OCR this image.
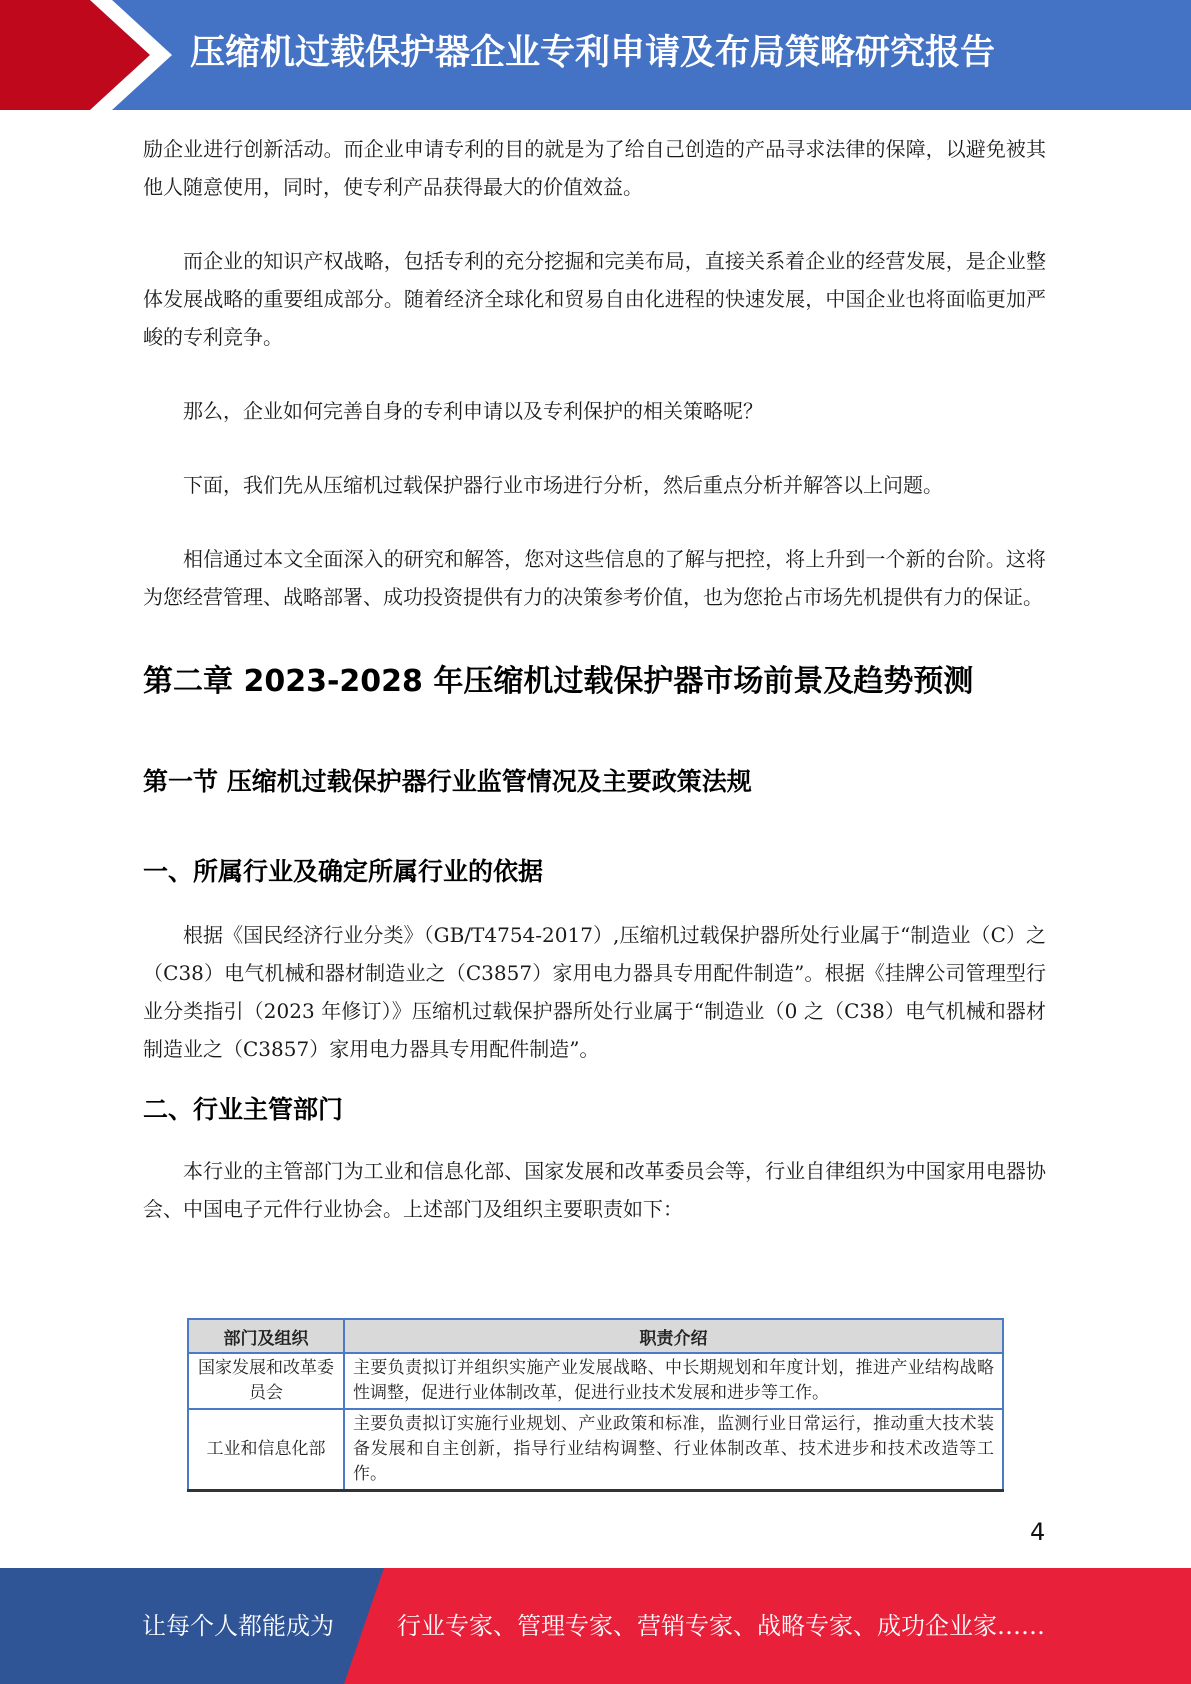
压缩机过载保护器企业专利申请及布局策略研究报告

励企业进行创新活动。而企业申请专利的目的就是为了给自己创造的产品寻求法律的保障，以避免被其他人随意使用，同时，使专利产品获得最大的价值效益。

而企业的知识产权战略，包括专利的充分挖掘和完美布局，直接关系着企业的经营发展，是企业整体发展战略的重要组成部分。随着经济全球化和贸易自由化进程的快速发展，中国企业也将面临更加严峻的专利竞争。

那么，企业如何完善自身的专利申请以及专利保护的相关策略呢？

下面，我们先从压缩机过载保护器行业市场进行分析，然后重点分析并解答以上问题。

相信通过本文全面深入的研究和解答，您对这些信息的了解与把控，将上升到一个新的台阶。这将为您经营管理、战略部署、成功投资提供有力的决策参考价值，也为您抢占市场先机提供有力的保证。

第二章 2023-2028 年压缩机过载保护器市场前景及趋势预测
第一节 压缩机过载保护器行业监管情况及主要政策法规
一、所属行业及确定所属行业的依据

根据《国民经济行业分类》（GB/T4754-2017）,压缩机过载保护器所处行业属于“制造业（C）之（C38）电气机械和器材制造业之（C3857）家用电力器具专用配件制造”。根据《挂牌公司管理型行业分类指引（2023 年修订）》压缩机过载保护器所处行业属于“制造业（0 之（C38）电气机械和器材制造业之（C3857）家用电力器具专用配件制造”。

二、行业主管部门

本行业的主管部门为工业和信息化部、国家发展和改革委员会等，行业自律组织为中国家用电器协会、中国电子元件行业协会。上述部门及组织主要职责如下：

部门及组织	职责介绍
国家发展和改革委员会	主要负责拟订并组织实施产业发展战略、中长期规划和年度计划，推进产业结构战略性调整，促进行业体制改革，促进行业技术发展和进步等工作。
工业和信息化部	主要负责拟订实施行业规划、产业政策和标准，监测行业日常运行，推动重大技术装备发展和自主创新，指导行业结构调整、行业体制改革、技术进步和技术改造等工作。
4
让每个人都能成为	行业专家、管理专家、营销专家、战略专家、成功企业家……
